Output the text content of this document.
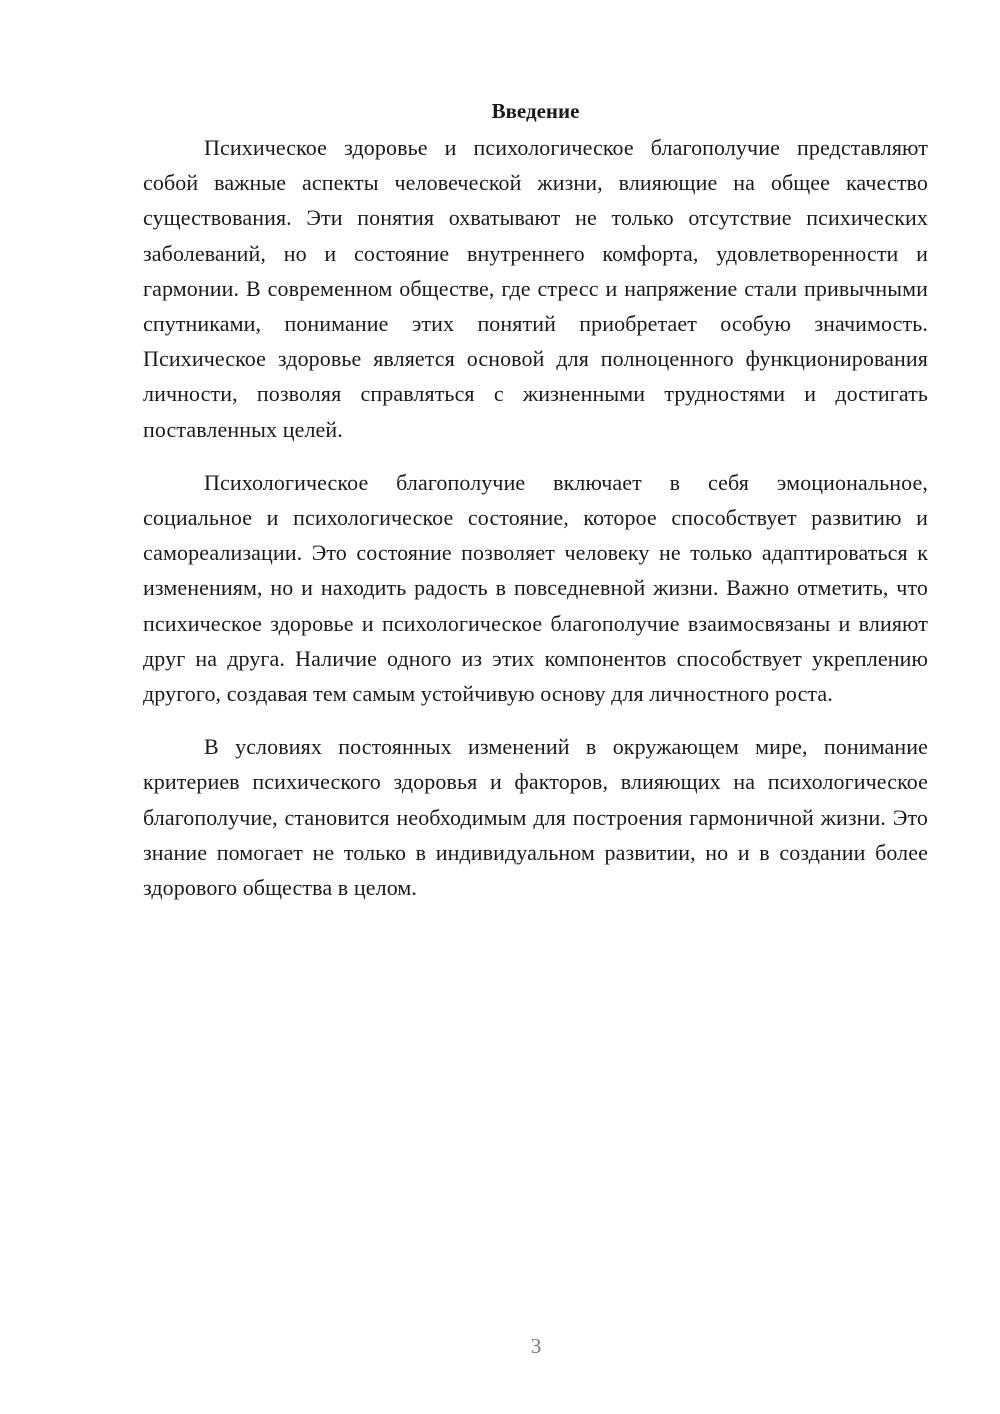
Введение

Психическое здоровье и психологическое благополучие представляют собой важные аспекты человеческой жизни, влияющие на общее качество существования. Эти понятия охватывают не только отсутствие психических заболеваний, но и состояние внутреннего комфорта, удовлетворенности и гармонии. В современном обществе, где стресс и напряжение стали привычными спутниками, понимание этих понятий приобретает особую значимость. Психическое здоровье является основой для полноценного функционирования личности, позволяя справляться с жизненными трудностями и достигать поставленных целей.

Психологическое благополучие включает в себя эмоциональное, социальное и психологическое состояние, которое способствует развитию и самореализации. Это состояние позволяет человеку не только адаптироваться к изменениям, но и находить радость в повседневной жизни. Важно отметить, что психическое здоровье и психологическое благополучие взаимосвязаны и влияют друг на друга. Наличие одного из этих компонентов способствует укреплению другого, создавая тем самым устойчивую основу для личностного роста.

В условиях постоянных изменений в окружающем мире, понимание критериев психического здоровья и факторов, влияющих на психологическое благополучие, становится необходимым для построения гармоничной жизни. Это знание помогает не только в индивидуальном развитии, но и в создании более здорового общества в целом.

3
